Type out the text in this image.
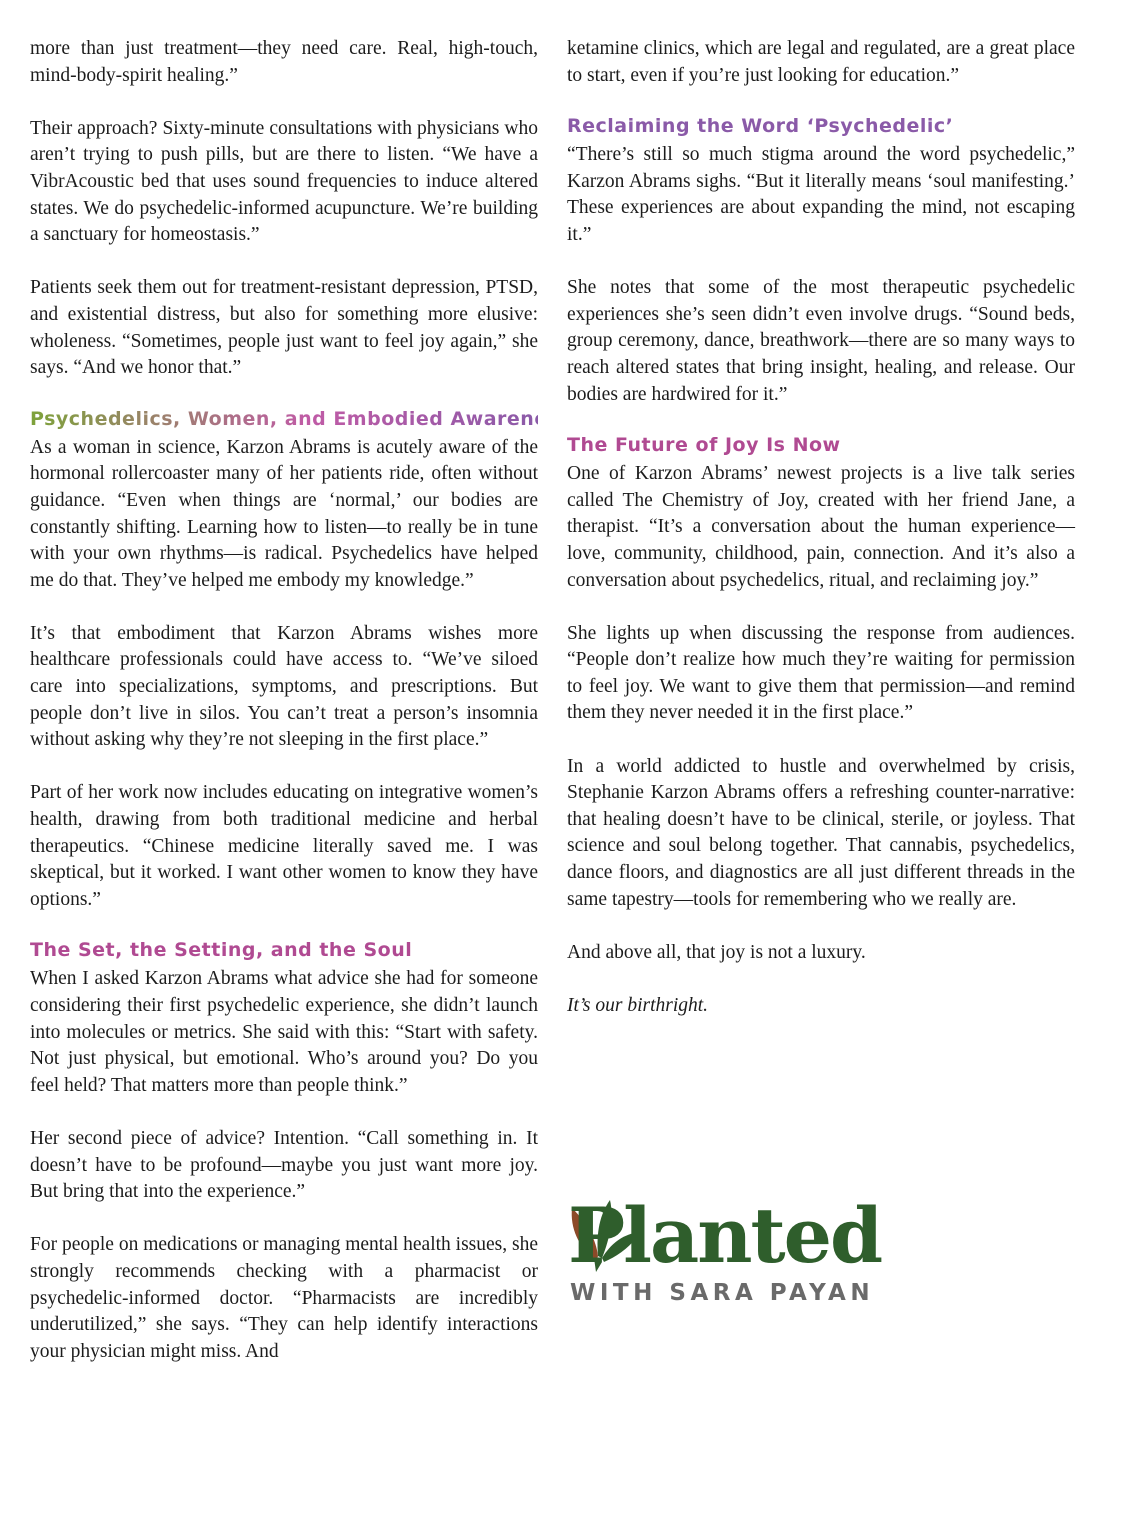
more than just treatment—they need care. Real, high-touch, mind-body-spirit healing.”

Their approach? Sixty-minute consultations with physicians who aren’t trying to push pills, but are there to listen. “We have a VibrAcoustic bed that uses sound frequencies to induce altered states. We do psychedelic-informed acupuncture. We’re building a sanctuary for homeostasis.”

Patients seek them out for treatment-resistant depression, PTSD, and existential distress, but also for something more elusive: wholeness. “Sometimes, people just want to feel joy again,” she says. “And we honor that.”

Psychedelics, Women, and Embodied Awareness

As a woman in science, Karzon Abrams is acutely aware of the hormonal rollercoaster many of her patients ride, often without guidance. “Even when things are ‘normal,’ our bodies are constantly shifting. Learning how to listen—to really be in tune with your own rhythms—is radical. Psychedelics have helped me do that. They’ve helped me embody my knowledge.”

It’s that embodiment that Karzon Abrams wishes more healthcare professionals could have access to. “We’ve siloed care into specializations, symptoms, and prescriptions. But people don’t live in silos. You can’t treat a person’s insomnia without asking why they’re not sleeping in the first place.”

Part of her work now includes educating on integrative women’s health, drawing from both traditional medicine and herbal therapeutics. “Chinese medicine literally saved me. I was skeptical, but it worked. I want other women to know they have options.”

The Set, the Setting, and the Soul

When I asked Karzon Abrams what advice she had for someone considering their first psychedelic experience, she didn’t launch into molecules or metrics. She said with this: “Start with safety. Not just physical, but emotional. Who’s around you? Do you feel held? That matters more than people think.”

Her second piece of advice? Intention. “Call something in. It doesn’t have to be profound—maybe you just want more joy. But bring that into the experience.”

For people on medications or managing mental health issues, she strongly recommends checking with a pharmacist or psychedelic-informed doctor. “Pharmacists are incredibly underutilized,” she says. “They can help identify interactions your physician might miss. And

ketamine clinics, which are legal and regulated, are a great place to start, even if you’re just looking for education.”

Reclaiming the Word ‘Psychedelic’

“There’s still so much stigma around the word psychedelic,” Karzon Abrams sighs. “But it literally means ‘soul manifesting.’ These experiences are about expanding the mind, not escaping it.”

She notes that some of the most therapeutic psychedelic experiences she’s seen didn’t even involve drugs. “Sound beds, group ceremony, dance, breathwork—there are so many ways to reach altered states that bring insight, healing, and release. Our bodies are hardwired for it.”

The Future of Joy Is Now

One of Karzon Abrams’ newest projects is a live talk series called The Chemistry of Joy, created with her friend Jane, a therapist. “It’s a conversation about the human experience—love, community, childhood, pain, connection. And it’s also a conversation about psychedelics, ritual, and reclaiming joy.”

She lights up when discussing the response from audiences. “People don’t realize how much they’re waiting for permission to feel joy. We want to give them that permission—and remind them they never needed it in the first place.”

In a world addicted to hustle and overwhelmed by crisis, Stephanie Karzon Abrams offers a refreshing counter-narrative: that healing doesn’t have to be clinical, sterile, or joyless. That science and soul belong together. That cannabis, psychedelics, dance floors, and diagnostics are all just different threads in the same tapestry—tools for remembering who we really are.

And above all, that joy is not a luxury.

It’s our birthright.

Planted
WITH SARA PAYAN
